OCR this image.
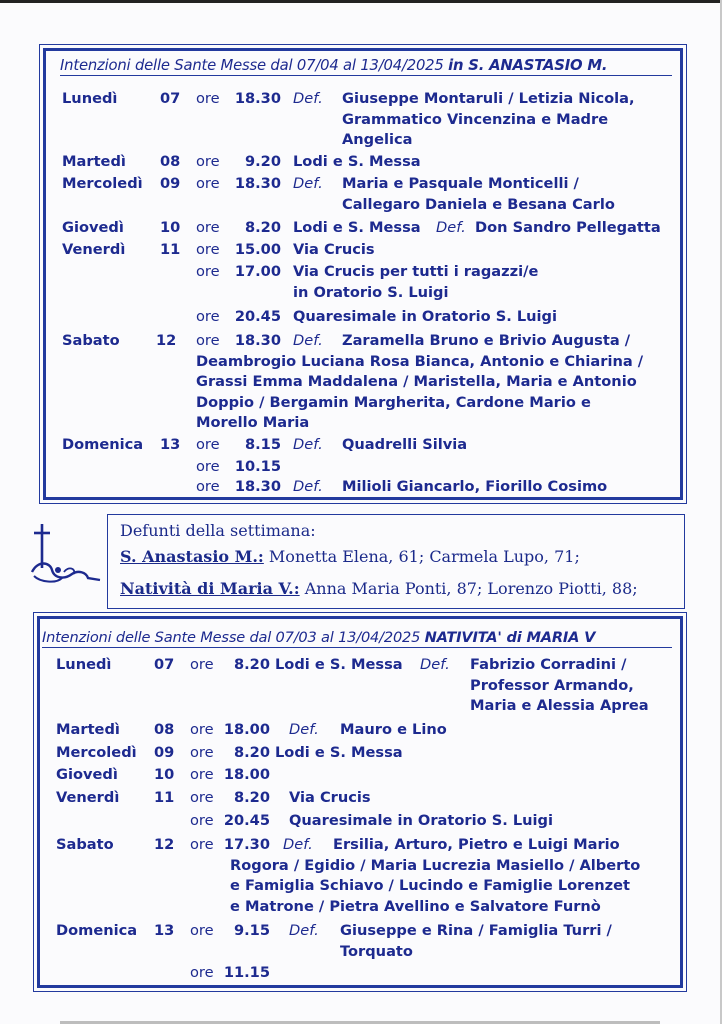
Intenzioni delle Sante Messe dal 07/04 al 13/04/2025 in S. ANASTASIO M.
Lunedì	07 ore	18.30 Def. Giuseppe Montaruli / Letizia Nicola,
Grammatico Vincenzina e Madre
Angelica
Martedì 08 ore	9.20 Lodi e S. Messa
Mercoledì 09 ore	18.30 Def. Maria e Pasquale Monticelli /
Callegaro Daniela e Besana Carlo
Giovedì 10 ore	8.20 Lodi e S. Messa Def. Don Sandro Pellegatta
Venerdì 11 ore	15.00 Via Crucis
ore	17.00 Via Crucis per tutti i ragazzi/e
in Oratorio S. Luigi
ore	20.45 Quaresimale in Oratorio S. Luigi
Sabato 12 ore	18.30 Def. Zaramella Bruno e Brivio Augusta /
Deambrogio Luciana Rosa Bianca, Antonio e Chiarina /
Grassi Emma Maddalena / Maristella, Maria e Antonio
Doppio / Bergamin Margherita, Cardone Mario e
Morello Maria
Domenica 13 ore	8.15 Def. Quadrelli Silvia
ore	10.15
ore	18.30 Def. Milioli Giancarlo, Fiorillo Cosimo
Defunti della settimana:
S. Anastasio M.: Monetta Elena, 61; Carmela Lupo, 71;
Natività di Maria V.: Anna Maria Ponti, 87; Lorenzo Piotti, 88;
Intenzioni delle Sante Messe dal 07/03 al 13/04/2025 NATIVITA' di MARIA V
Lunedì	07 ore	8.20 Lodi e S. Messa Def. Fabrizio Corradini /
Professor Armando,
Maria e Alessia Aprea
Martedì 08 ore 18.00 Def. Mauro e Lino
Mercoledì 09 ore	8.20 Lodi e S. Messa
Giovedì 10 ore 18.00
Venerdì 11 ore	8.20 Via Crucis
ore 20.45 Quaresimale in Oratorio S. Luigi
Sabato	12 ore 17.30 Def. Ersilia, Arturo, Pietro e Luigi Mario
Rogora / Egidio / Maria Lucrezia Masiello / Alberto
e Famiglia Schiavo / Lucindo e Famiglie Lorenzet
e Matrone / Pietra Avellino e Salvatore Furnò
Domenica 13 ore	9.15 Def. Giuseppe e Rina / Famiglia Turri /
Torquato
ore 11.15
